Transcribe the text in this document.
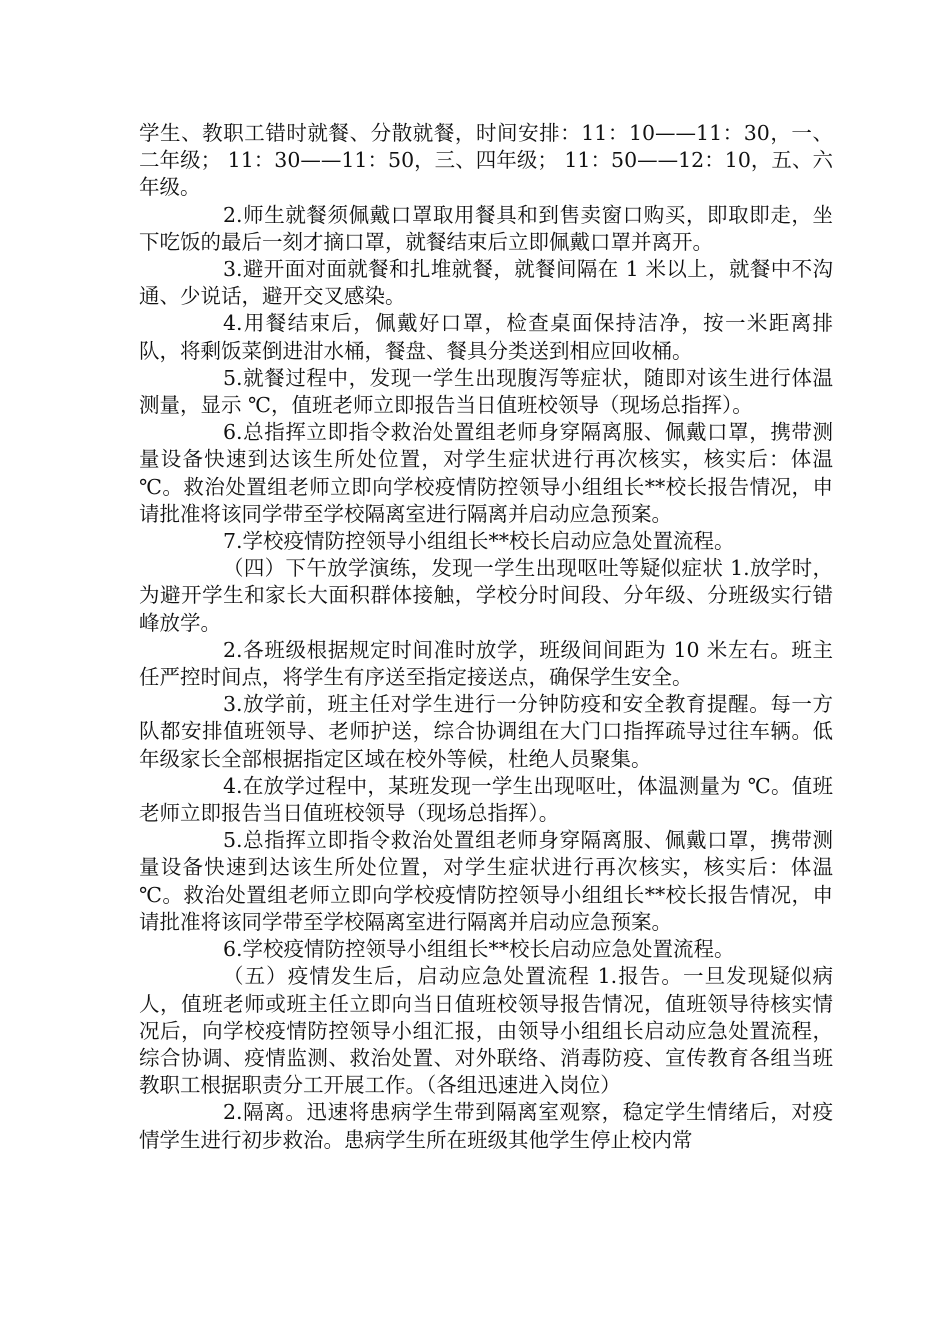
学生、教职工错时就餐、分散就餐，时间安排：11：10——11：30，一、二年级； 11：30——11：50，三、四年级； 11：50——12：10，五、六年级。

2.师生就餐须佩戴口罩取用餐具和到售卖窗口购买，即取即走，坐下吃饭的最后一刻才摘口罩，就餐结束后立即佩戴口罩并离开。

3.避开面对面就餐和扎堆就餐，就餐间隔在 1 米以上，就餐中不沟通、少说话，避开交叉感染。

4.用餐结束后，佩戴好口罩，检查桌面保持洁净，按一米距离排队，将剩饭菜倒进泔水桶，餐盘、餐具分类送到相应回收桶。

5.就餐过程中，发现一学生出现腹泻等症状，随即对该生进行体温测量，显示 ℃，值班老师立即报告当日值班校领导（现场总指挥）。

6.总指挥立即指令救治处置组老师身穿隔离服、佩戴口罩，携带测量设备快速到达该生所处位置，对学生症状进行再次核实，核实后：体温 ℃。救治处置组老师立即向学校疫情防控领导小组组长**校长报告情况，申请批准将该同学带至学校隔离室进行隔离并启动应急预案。

7.学校疫情防控领导小组组长**校长启动应急处置流程。

（四）下午放学演练，发现一学生出现呕吐等疑似症状 1.放学时，为避开学生和家长大面积群体接触，学校分时间段、分年级、分班级实行错峰放学。

2.各班级根据规定时间准时放学，班级间间距为 10 米左右。班主任严控时间点，将学生有序送至指定接送点，确保学生安全。

3.放学前，班主任对学生进行一分钟防疫和安全教育提醒。每一方队都安排值班领导、老师护送，综合协调组在大门口指挥疏导过往车辆。低年级家长全部根据指定区域在校外等候，杜绝人员聚集。

4.在放学过程中，某班发现一学生出现呕吐，体温测量为 ℃。值班老师立即报告当日值班校领导（现场总指挥）。

5.总指挥立即指令救治处置组老师身穿隔离服、佩戴口罩，携带测量设备快速到达该生所处位置，对学生症状进行再次核实，核实后：体温 ℃。救治处置组老师立即向学校疫情防控领导小组组长**校长报告情况，申请批准将该同学带至学校隔离室进行隔离并启动应急预案。

6.学校疫情防控领导小组组长**校长启动应急处置流程。

（五）疫情发生后，启动应急处置流程 1.报告。一旦发现疑似病人，值班老师或班主任立即向当日值班校领导报告情况，值班领导待核实情况后，向学校疫情防控领导小组汇报，由领导小组组长启动应急处置流程，综合协调、疫情监测、救治处置、对外联络、消毒防疫、宣传教育各组当班教职工根据职责分工开展工作。（各组迅速进入岗位）

2.隔离。迅速将患病学生带到隔离室观察，稳定学生情绪后，对疫情学生进行初步救治。患病学生所在班级其他学生停止校内常
